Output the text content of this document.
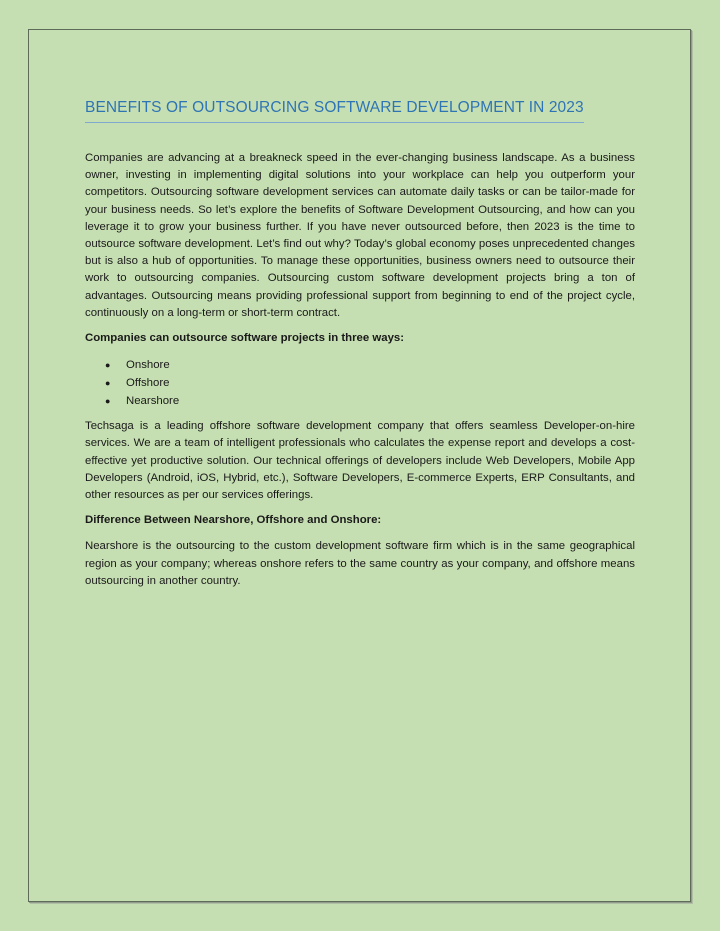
BENEFITS OF OUTSOURCING SOFTWARE DEVELOPMENT IN 2023

Companies are advancing at a breakneck speed in the ever-changing business landscape. As a business owner, investing in implementing digital solutions into your workplace can help you outperform your competitors. Outsourcing software development services can automate daily tasks or can be tailor-made for your business needs. So let’s explore the benefits of Software Development Outsourcing, and how can you leverage it to grow your business further. If you have never outsourced before, then 2023 is the time to outsource software development. Let’s find out why? Today’s global economy poses unprecedented changes but is also a hub of opportunities. To manage these opportunities, business owners need to outsource their work to outsourcing companies. Outsourcing custom software development projects bring a ton of advantages. Outsourcing means providing professional support from beginning to end of the project cycle, continuously on a long-term or short-term contract.

Companies can outsource software projects in three ways:
● Onshore
● Offshore
● Nearshore

Techsaga is a leading offshore software development company that offers seamless Developer-on-hire services. We are a team of intelligent professionals who calculates the expense report and develops a cost-effective yet productive solution. Our technical offerings of developers include Web Developers, Mobile App Developers (Android, iOS, Hybrid, etc.), Software Developers, E-commerce Experts, ERP Consultants, and other resources as per our services offerings.

Difference Between Nearshore, Offshore and Onshore:

Nearshore is the outsourcing to the custom development software firm which is in the same geographical region as your company; whereas onshore refers to the same country as your company, and offshore means outsourcing in another country.
